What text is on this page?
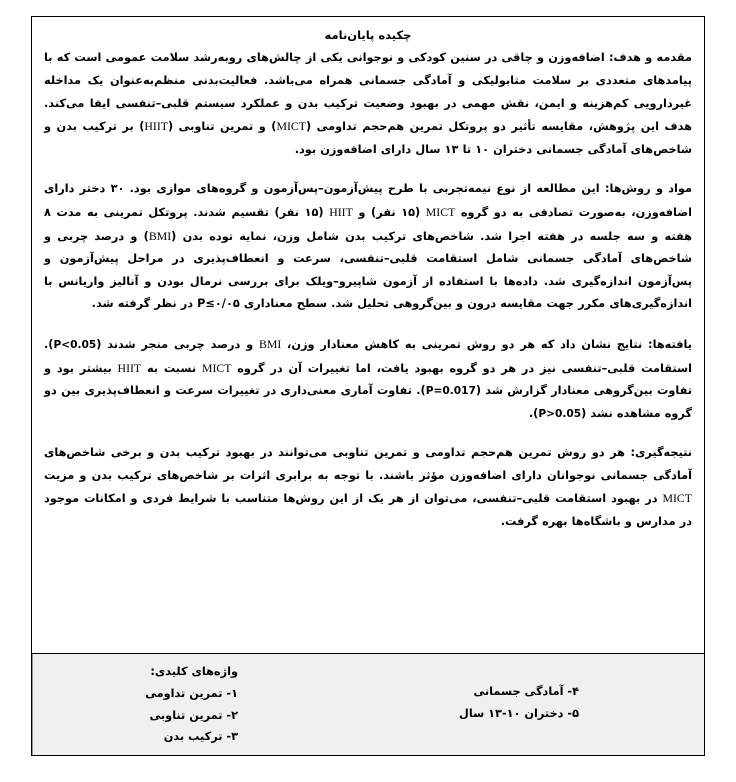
چکیده پایان‌نامه

مقدمه و هدف: اضافه‌وزن و چاقی در سنین کودکی و نوجوانی یکی از چالش‌های رو‌به‌رشد سلامت عمومی است که با پیامدهای متعددی بر سلامت متابولیکی و آمادگی جسمانی همراه می‌باشد. فعالیت‌بدنی منظم‌به‌عنوان یک مداخله غیردارویی کم‌هزینه و ایمن، نقش مهمی در بهبود وضعیت ترکیب بدن و عملکرد سیستم قلبی–تنفسی ایفا می‌کند. هدف این پژوهش، مقایسه تأثیر دو پروتکل تمرین هم‌حجم تداومی (MICT) و تمرین تناوبی (HIIT) بر ترکیب بدن و شاخص‌های آمادگی جسمانی دختران ۱۰ تا ۱۳ سال دارای اضافه‌وزن بود.

مواد و روش‌ها: این مطالعه از نوع نیمه‌تجربی با طرح پیش‌آزمون–پس‌آزمون و گروه‌های موازی بود. ۳۰ دختر دارای اضافه‌وزن، به‌صورت تصادفی به دو گروه MICT (۱۵ نفر) و HIIT (۱۵ نفر) تقسیم شدند. پروتکل تمرینی به مدت ۸ هفته و سه جلسه در هفته اجرا شد. شاخص‌های ترکیب بدن شامل وزن، نمایه توده بدن (BMI) و درصد چربی و شاخص‌های آمادگی جسمانی شامل استقامت قلبی–تنفسی، سرعت و انعطاف‌پذیری در مراحل پیش‌آزمون و پس‌آزمون اندازه‌گیری شد. داده‌ها با استفاده از آزمون شاپیرو–ویلک برای بررسی نرمال بودن و آنالیز واریانس با اندازه‌گیری‌های مکرر جهت مقایسه درون و بین‌گروهی تحلیل شد. سطح معناداری P≤۰/۰۵ در نظر گرفته شد.

یافته‌ها: نتایج نشان داد که هر دو روش تمرینی به کاهش معنادار وزن، BMI و درصد چربی منجر شدند (P<0.05). استقامت قلبی–تنفسی نیز در هر دو گروه بهبود یافت، اما تغییرات آن در گروه MICT نسبت به HIIT بیشتر بود و تفاوت بین‌گروهی معنادار گزارش شد (P=0.017). تفاوت آماری معنی‌داری در تغییرات سرعت و انعطاف‌پذیری بین دو گروه مشاهده نشد (P>0.05).

نتیجه‌گیری: هر دو روش تمرین هم‌حجم تداومی و تمرین تناوبی می‌توانند در بهبود ترکیب بدن و برخی شاخص‌های آمادگی جسمانی نوجوانان دارای اضافه‌وزن مؤثر باشند. با توجه به برابری اثرات بر شاخص‌های ترکیب بدن و مزیت MICT در بهبود استقامت قلبی–تنفسی، می‌توان از هر یک از این روش‌ها متناسب با شرایط فردی و امکانات موجود در مدارس و باشگاه‌ها بهره گرفت.

واژه‌های کلیدی:
۱- تمرین تداومی
۲- تمرین تناوبی
۳- ترکیب بدن
۴- آمادگی جسمانی
۵- دختران ۱۰-۱۳ سال
